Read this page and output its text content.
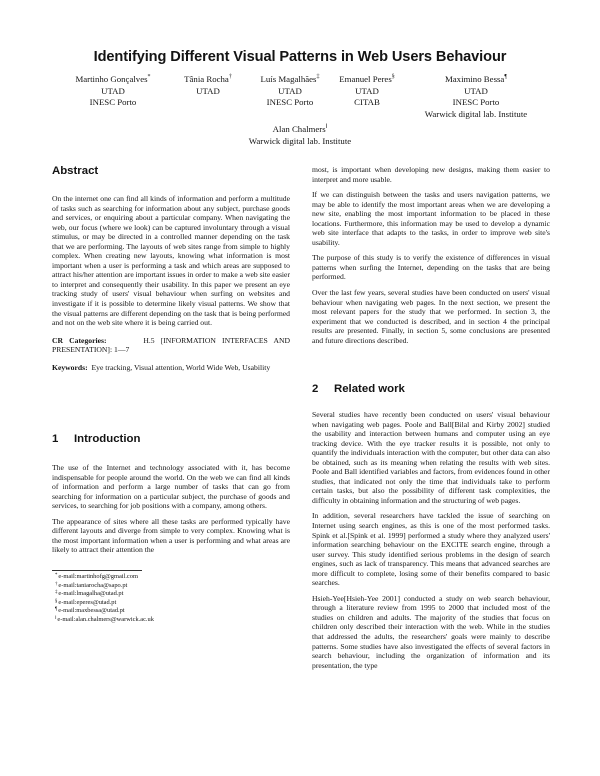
Identifying Different Visual Patterns in Web Users Behaviour
Martinho Gonçalves*
UTAD
INESC Porto
Tânia Rocha†
UTAD
Luís Magalhães‡
UTAD
INESC Porto
Emanuel Peres§
UTAD
CITAB
Maximino Bessa¶
UTAD
INESC Porto
Warwick digital lab. Institute
Alan Chalmers‖
Warwick digital lab. Institute
Abstract

On the internet one can find all kinds of information and perform a multitude of tasks such as searching for information about any subject, purchase goods and services, or enquiring about a particular company. When navigating the web, our focus (where we look) can be captured involuntary through a visual stimulus, or may be directed in a controlled manner depending on the task that we are performing. The layouts of web sites range from simple to highly complex. When creating new layouts, knowing what information is most important when a user is performing a task and which areas are supposed to attract his/her attention are important issues in order to make a web site easier to interpret and consequently their usability. In this paper we present an eye tracking study of users' visual behaviour when surfing on websites and investigate if it is possible to determine likely visual patterns. We show that the visual patterns are different depending on the task that is being performed and not on the web site where it is being carried out.

CR Categories:	H.5 [INFORMATION INTERFACES AND PRESENTATION]: 1—7

Keywords: Eye tracking, Visual attention, World Wide Web, Usability

1 Introduction

The use of the Internet and technology associated with it, has become indispensable for people around the world. On the web we can find all kinds of information and perform a large number of tasks that can go from searching for information on a particular subject, the purchase of goods and services, to searching for job positions with a company, among others.

The appearance of sites where all these tasks are performed typically have different layouts and diverge from simple to very complex. Knowing what is the most important information when a user is performing and what areas are likely to attract their attention the

*e-mail:martinhofg@gmail.com
†e-mail:taniarocha@sapo.pt
‡e-mail:lmagalha@utad.pt
§e-mail:eperes@utad.pt
¶e-mail:maxbessa@utad.pt
‖e-mail:alan.chalmers@warwick.ac.uk

most, is important when developing new designs, making them easier to interpret and more usable.

If we can distinguish between the tasks and users navigation patterns, we may be able to identify the most important areas when we are developing a new site, enabling the most important information to be placed in these locations. Furthermore, this information may be used to develop a dynamic web site interface that adapts to the tasks, in order to improve web site's usability.

The purpose of this study is to verify the existence of differences in visual patterns when surfing the Internet, depending on the tasks that are being performed.

Over the last few years, several studies have been conducted on users' visual behaviour when navigating web pages. In the next section, we present the most relevant papers for the study that we performed. In section 3, the experiment that we conducted is described, and in section 4 the principal results are presented. Finally, in section 5, some conclusions are presented and future directions described.

2 Related work

Several studies have recently been conducted on users' visual behaviour when navigating web pages. Poole and Ball[Bilal and Kirby 2002] studied the usability and interaction between humans and computer using an eye tracking device. With the eye tracker results it is possible, not only to quantify the individuals interaction with the computer, but other data can also be obtained, such as its meaning when relating the results with web sites. Poole and Ball identified variables and factors, from evidences found in other studies, that indicated not only the time that individuals take to perform certain tasks, but also the possibility of different task complexities, the difficulty in obtaining information and the structuring of web pages.

In addition, several researchers have tackled the issue of searching on Internet using search engines, as this is one of the most performed tasks. Spink et al.[Spink et al. 1999] performed a study where they analyzed users' information searching behaviour on the EXCITE search engine, through a user survey. This study identified serious problems in the design of search engines, such as lack of transparency. This means that advanced searches are more difficult to complete, losing some of their benefits compared to basic searches.

Hsieh-Yee[Hsieh-Yee 2001] conducted a study on web search behaviour, through a literature review from 1995 to 2000 that included most of the studies on children and adults. The majority of the studies that focus on children only described their interaction with the web. While in the studies that addressed the adults, the researchers' goals were mainly to describe patterns. Some studies have also investigated the effects of several factors in search behaviour, including the organization of information and its presentation, the type
